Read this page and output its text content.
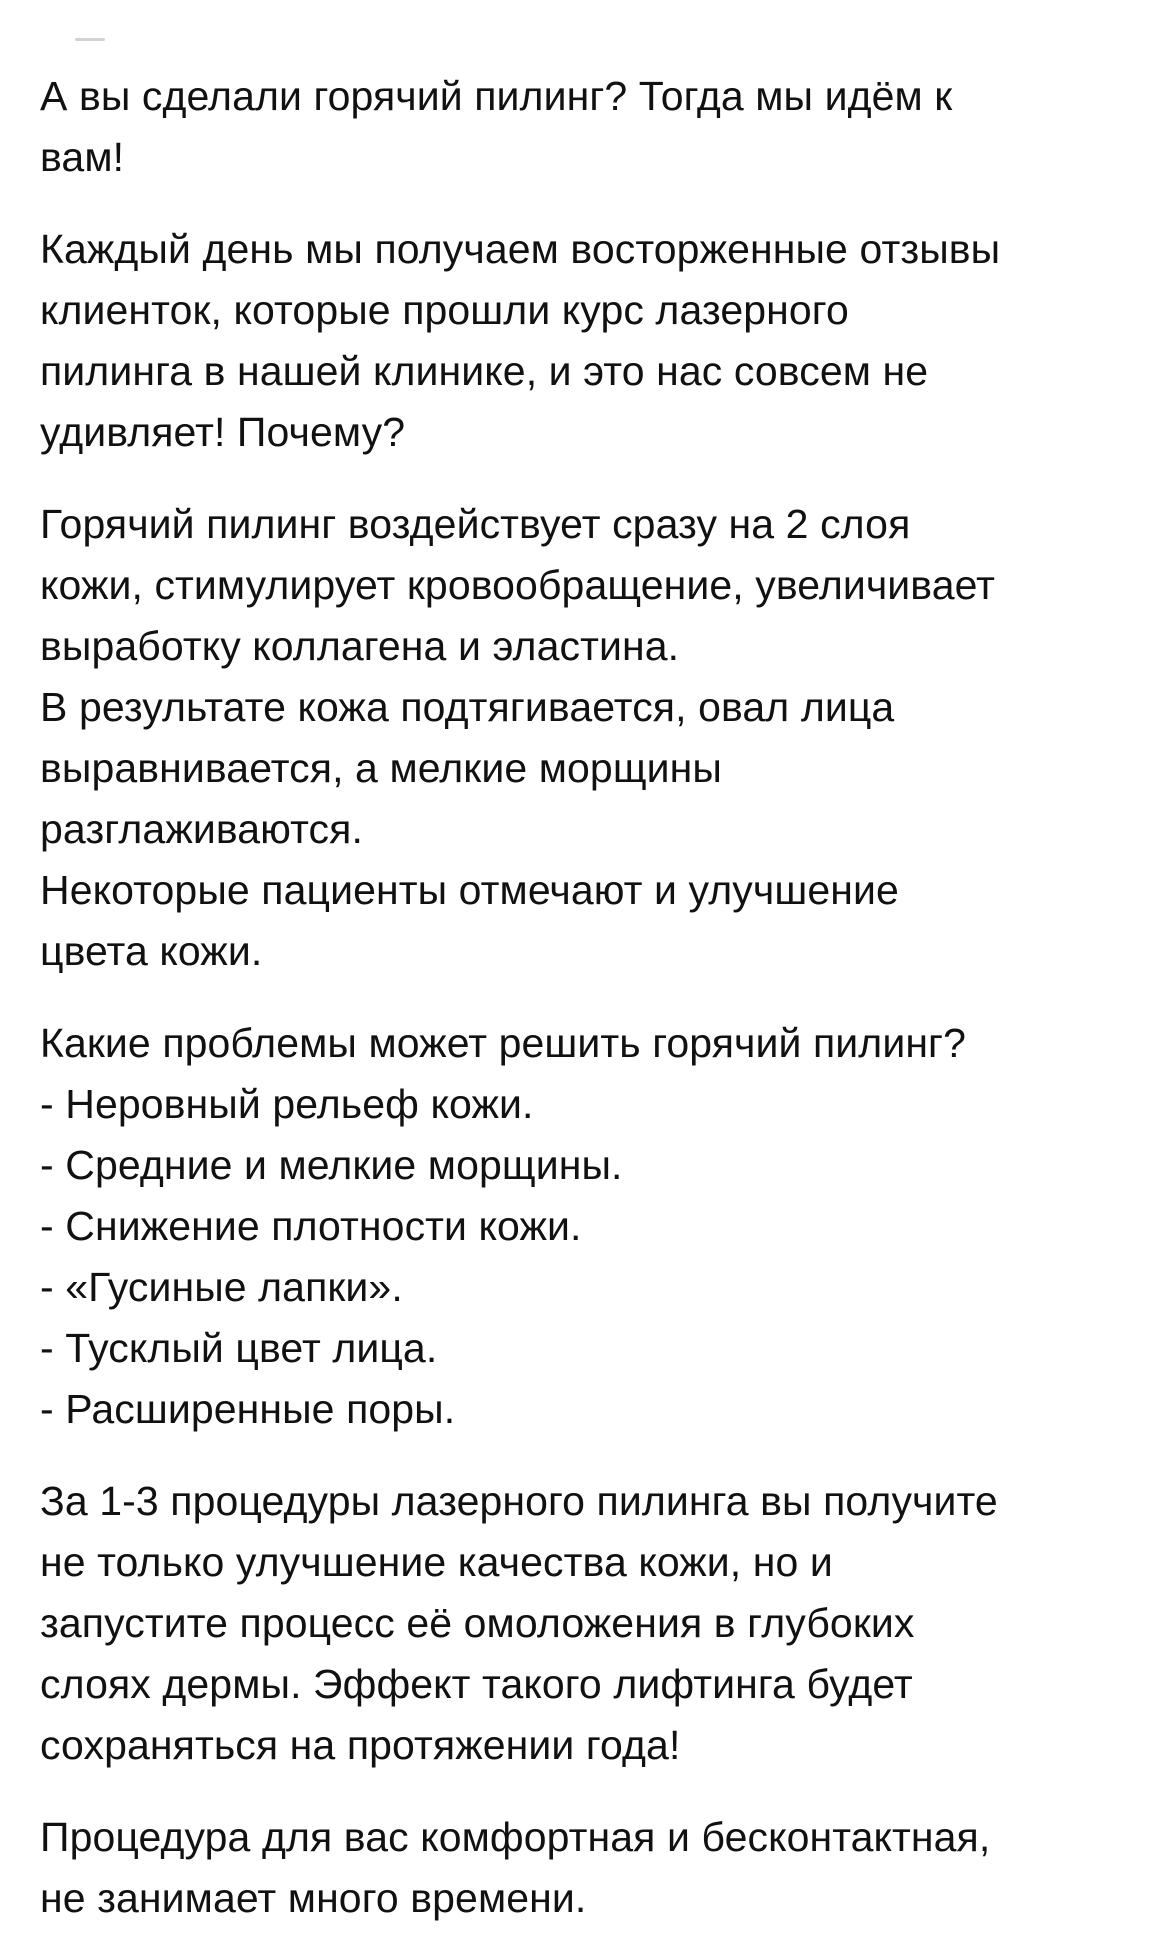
А вы сделали горячий пилинг? Тогда мы идём к
вам!
Каждый день мы получаем восторженные отзывы
клиенток, которые прошли курс лазерного
пилинга в нашей клинике, и это нас совсем не
удивляет! Почему?
Горячий пилинг воздействует сразу на 2 слоя
кожи, стимулирует кровообращение, увеличивает
выработку коллагена и эластина.
В результате кожа подтягивается, овал лица
выравнивается, а мелкие морщины
разглаживаются.
Некоторые пациенты отмечают и улучшение
цвета кожи.
Какие проблемы может решить горячий пилинг?
- Неровный рельеф кожи.
- Средние и мелкие морщины.
- Снижение плотности кожи.
- «Гусиные лапки».
- Тусклый цвет лица.
- Расширенные поры.
За 1-3 процедуры лазерного пилинга вы получите
не только улучшение качества кожи, но и
запустите процесс её омоложения в глубоких
слоях дермы. Эффект такого лифтинга будет
сохраняться на протяжении года!
Процедура для вас комфортная и бесконтактная,
не занимает много времени.
